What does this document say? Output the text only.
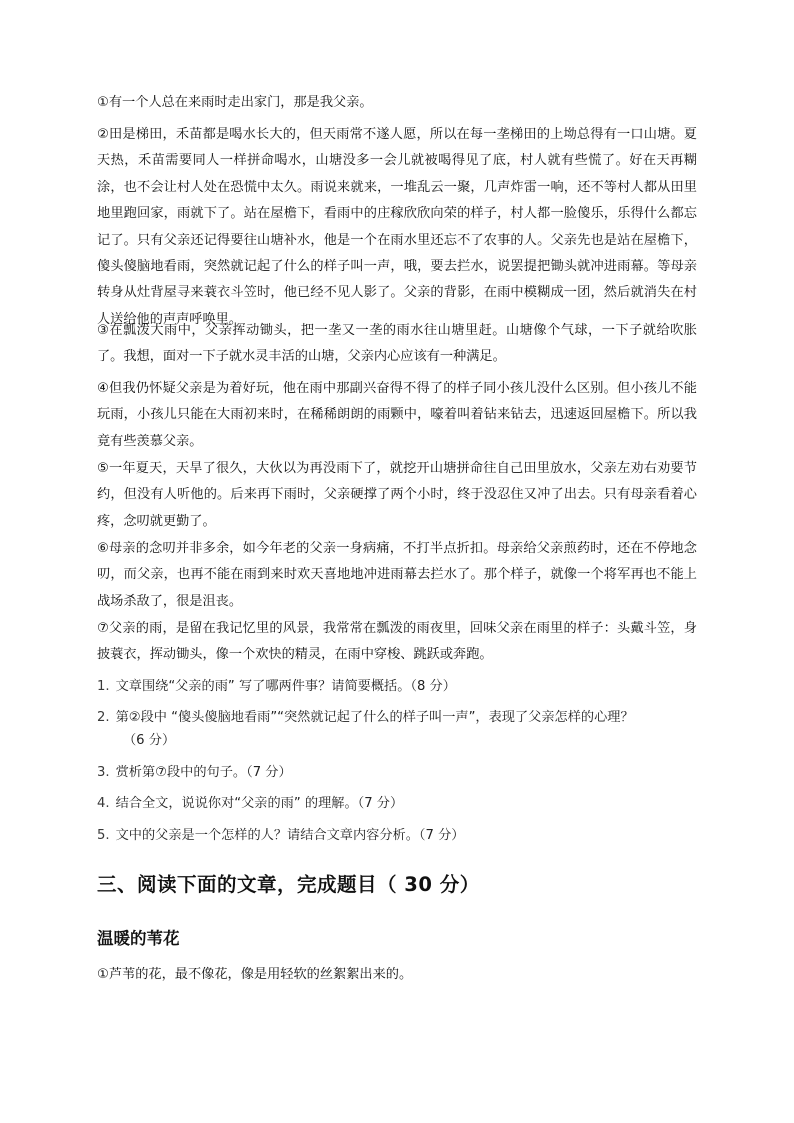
①有一个人总在来雨时走出家门，那是我父亲。

②田是梯田，禾苗都是喝水长大的，但天雨常不遂人愿，所以在每一垄梯田的上坳总得有一口山塘。夏天热，禾苗需要同人一样拼命喝水，山塘没多一会儿就被喝得见了底，村人就有些慌了。好在天再糊涂，也不会让村人处在恐慌中太久。雨说来就来，一堆乱云一聚，几声炸雷一响，还不等村人都从田里地里跑回家，雨就下了。站在屋檐下，看雨中的庄稼欣欣向荣的样子，村人都一脸傻乐，乐得什么都忘记了。只有父亲还记得要往山塘补水，他是一个在雨水里还忘不了农事的人。父亲先也是站在屋檐下，傻头傻脑地看雨，突然就记起了什么的样子叫一声，哦，要去拦水，说罢提把锄头就冲进雨幕。等母亲转身从灶背屋寻来蓑衣斗笠时，他已经不见人影了。父亲的背影，在雨中模糊成一团，然后就消失在村人送给他的声声呼唤里。

③在瓢泼大雨中，父亲挥动锄头，把一垄又一垄的雨水往山塘里赶。山塘像个气球，一下子就给吹胀了。我想，面对一下子就水灵丰活的山塘，父亲内心应该有一种满足。

④但我仍怀疑父亲是为着好玩，他在雨中那副兴奋得不得了的样子同小孩儿没什么区别。但小孩儿不能玩雨，小孩儿只能在大雨初来时，在稀稀朗朗的雨颗中，嚎着叫着钻来钻去，迅速返回屋檐下。所以我竟有些羡慕父亲。

⑤一年夏天，天旱了很久，大伙以为再没雨下了，就挖开山塘拼命往自己田里放水，父亲左劝右劝要节约，但没有人听他的。后来再下雨时，父亲硬撑了两个小时，终于没忍住又冲了出去。只有母亲看着心疼，念叨就更勤了。

⑥母亲的念叨并非多余，如今年老的父亲一身病痛，不打半点折扣。母亲给父亲煎药时，还在不停地念叨，而父亲，也再不能在雨到来时欢天喜地地冲进雨幕去拦水了。那个样子，就像一个将军再也不能上战场杀敌了，很是沮丧。

⑦父亲的雨，是留在我记忆里的风景，我常常在瓢泼的雨夜里，回味父亲在雨里的样子：头戴斗笠，身披蓑衣，挥动锄头，像一个欢快的精灵，在雨中穿梭、跳跃或奔跑。

1. 文章围绕“父亲的雨” 写了哪两件事？请简要概括。（8 分）
2. 第②段中 “傻头傻脑地看雨”“突然就记起了什么的样子叫一声”，表现了父亲怎样的心理？
（6 分）
3. 赏析第⑦段中的句子。（7 分）
4. 结合全文，说说你对“父亲的雨” 的理解。（7 分）
5. 文中的父亲是一个怎样的人？请结合文章内容分析。（7 分）
三、阅读下面的文章，完成题目（ 30 分）
温暖的苇花

①芦苇的花，最不像花，像是用轻软的丝絮絮出来的。
